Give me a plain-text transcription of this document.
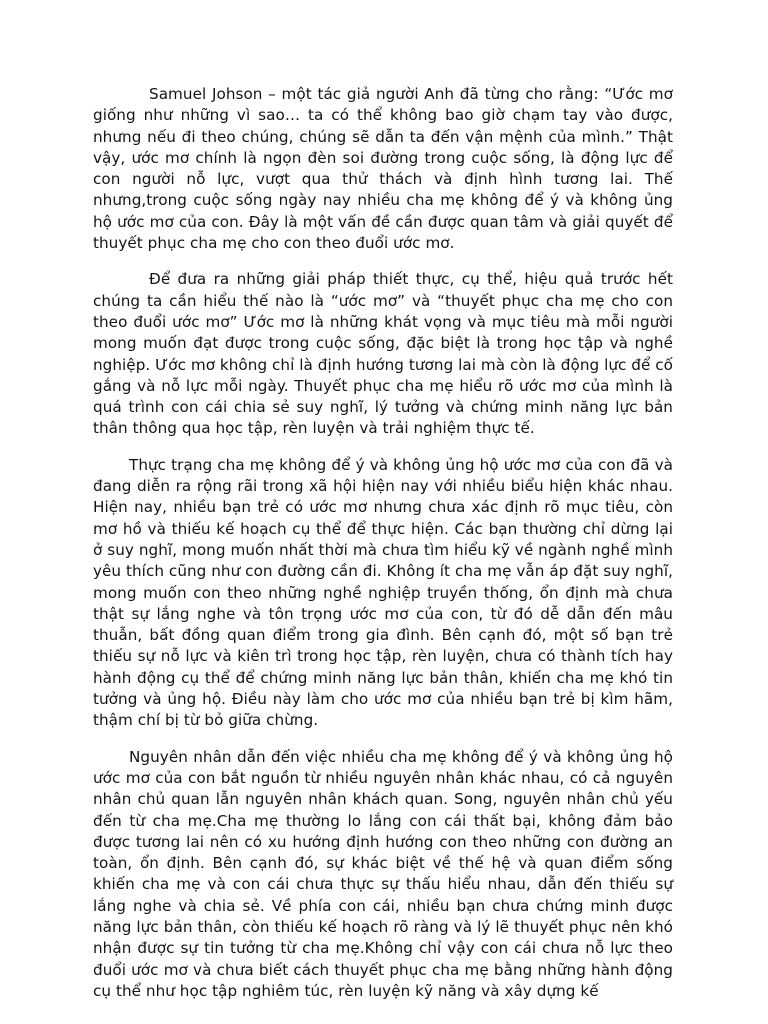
Samuel Johson – một tác giả người Anh đã từng cho rằng: “Ước mơ giống như những vì sao… ta có thể không bao giờ chạm tay vào được, nhưng nếu đi theo chúng, chúng sẽ dẫn ta đến vận mệnh của mình.” Thật vậy, ước mơ chính là ngọn đèn soi đường trong cuộc sống, là động lực để con người nỗ lực, vượt qua thử thách và định hình tương lai. Thế nhưng,trong cuộc sống ngày nay nhiều cha mẹ không để ý và không ủng hộ ước mơ của con. Đây là một vấn đề cần được quan tâm và giải quyết để thuyết phục cha mẹ cho con theo đuổi ước mơ.

Để đưa ra những giải pháp thiết thực, cụ thể, hiệu quả trước hết chúng ta cần hiểu thế nào là “ước mơ” và “thuyết phục cha mẹ cho con theo đuổi ước mơ” Ước mơ là những khát vọng và mục tiêu mà mỗi người mong muốn đạt được trong cuộc sống, đặc biệt là trong học tập và nghề nghiệp. Ước mơ không chỉ là định hướng tương lai mà còn là động lực để cố gắng và nỗ lực mỗi ngày. Thuyết phục cha mẹ hiểu rõ ước mơ của mình là quá trình con cái chia sẻ suy nghĩ, lý tưởng và chứng minh năng lực bản thân thông qua học tập, rèn luyện và trải nghiệm thực tế.

Thực trạng cha mẹ không để ý và không ủng hộ ước mơ của con đã và đang diễn ra rộng rãi trong xã hội hiện nay với nhiều biểu hiện khác nhau. Hiện nay, nhiều bạn trẻ có ước mơ nhưng chưa xác định rõ mục tiêu, còn mơ hồ và thiếu kế hoạch cụ thể để thực hiện. Các bạn thường chỉ dừng lại ở suy nghĩ, mong muốn nhất thời mà chưa tìm hiểu kỹ về ngành nghề mình yêu thích cũng như con đường cần đi. Không ít cha mẹ vẫn áp đặt suy nghĩ, mong muốn con theo những nghề nghiệp truyền thống, ổn định mà chưa thật sự lắng nghe và tôn trọng ước mơ của con, từ đó dễ dẫn đến mâu thuẫn, bất đồng quan điểm trong gia đình. Bên cạnh đó, một số bạn trẻ thiếu sự nỗ lực và kiên trì trong học tập, rèn luyện, chưa có thành tích hay hành động cụ thể để chứng minh năng lực bản thân, khiến cha mẹ khó tin tưởng và ủng hộ. Điều này làm cho ước mơ của nhiều bạn trẻ bị kìm hãm, thậm chí bị từ bỏ giữa chừng.

Nguyên nhân dẫn đến việc nhiều cha mẹ không để ý và không ủng hộ ước mơ của con bắt nguồn từ nhiều nguyên nhân khác nhau, có cả nguyên nhân chủ quan lẫn nguyên nhân khách quan. Song, nguyên nhân chủ yếu đến từ cha mẹ.Cha mẹ thường lo lắng con cái thất bại, không đảm bảo được tương lai nên có xu hướng định hướng con theo những con đường an toàn, ổn định. Bên cạnh đó, sự khác biệt về thế hệ và quan điểm sống khiến cha mẹ và con cái chưa thực sự thấu hiểu nhau, dẫn đến thiếu sự lắng nghe và chia sẻ. Về phía con cái, nhiều bạn chưa chứng minh được năng lực bản thân, còn thiếu kế hoạch rõ ràng và lý lẽ thuyết phục nên khó nhận được sự tin tưởng từ cha mẹ.Không chỉ vậy con cái chưa nỗ lực theo đuổi ước mơ và chưa biết cách thuyết phục cha mẹ bằng những hành động cụ thể như học tập nghiêm túc, rèn luyện kỹ năng và xây dựng kế
